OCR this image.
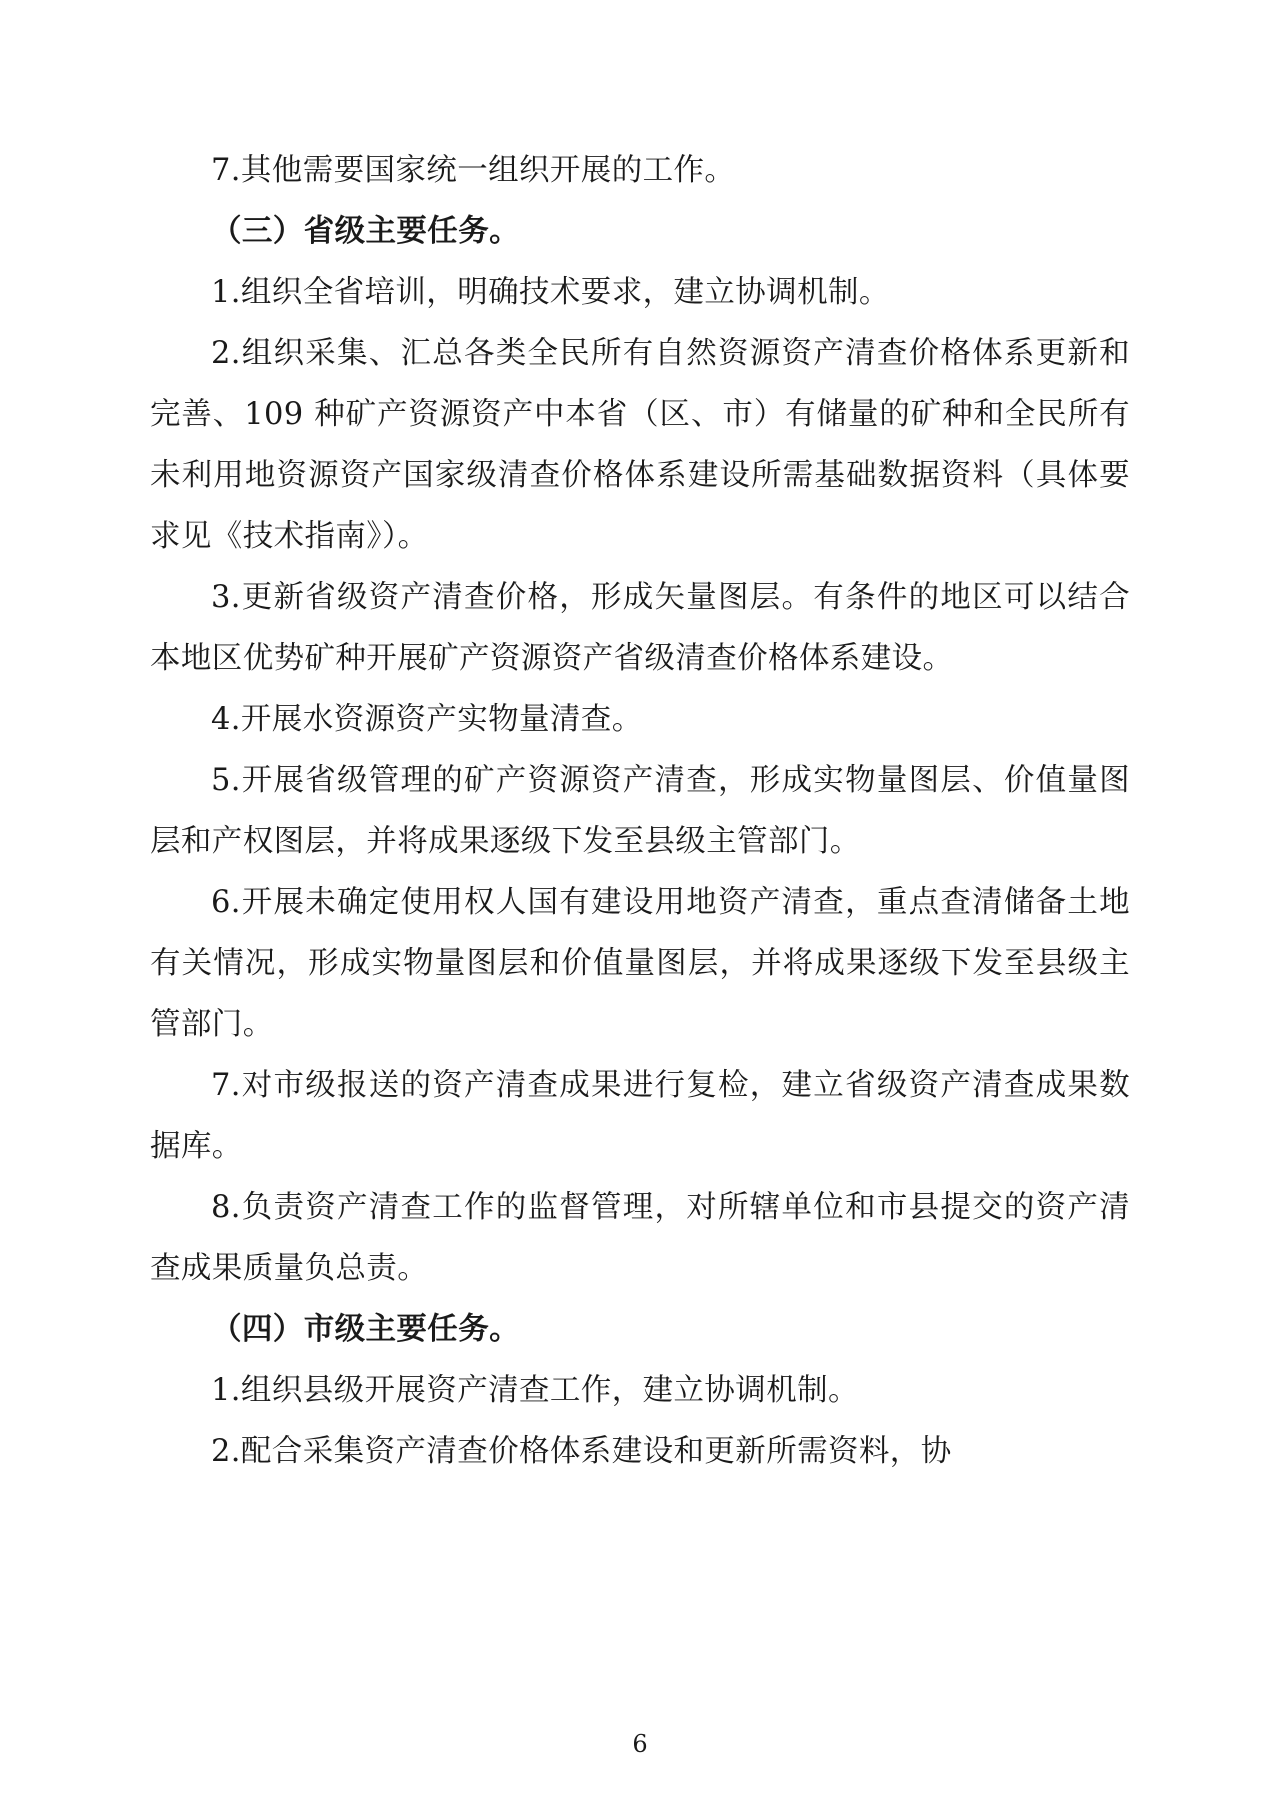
7.其他需要国家统一组织开展的工作。

（三）省级主要任务。

1.组织全省培训，明确技术要求，建立协调机制。

2.组织采集、汇总各类全民所有自然资源资产清查价格体系更新和完善、109 种矿产资源资产中本省（区、市）有储量的矿种和全民所有未利用地资源资产国家级清查价格体系建设所需基础数据资料（具体要求见《技术指南》）。

3.更新省级资产清查价格，形成矢量图层。有条件的地区可以结合本地区优势矿种开展矿产资源资产省级清查价格体系建设。

4.开展水资源资产实物量清查。

5.开展省级管理的矿产资源资产清查，形成实物量图层、价值量图层和产权图层，并将成果逐级下发至县级主管部门。

6.开展未确定使用权人国有建设用地资产清查，重点查清储备土地有关情况，形成实物量图层和价值量图层，并将成果逐级下发至县级主管部门。

7.对市级报送的资产清查成果进行复检，建立省级资产清查成果数据库。

8.负责资产清查工作的监督管理，对所辖单位和市县提交的资产清查成果质量负总责。

（四）市级主要任务。

1.组织县级开展资产清查工作，建立协调机制。

2.配合采集资产清查价格体系建设和更新所需资料，协

6
